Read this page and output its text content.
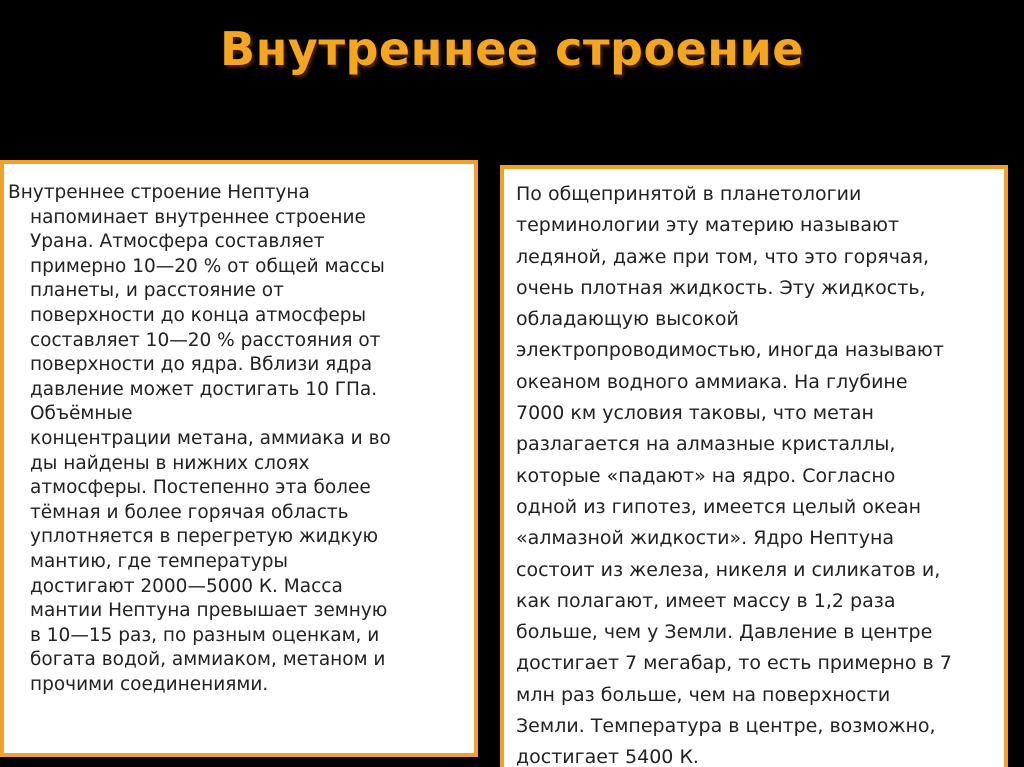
Внутреннее строение
Внутреннее строение Нептуна
напоминает внутреннее строение
Урана. Атмосфера составляет
примерно 10—20 % от общей массы
планеты, и расстояние от
поверхности до конца атмосферы
составляет 10—20 % расстояния от
поверхности до ядра. Вблизи ядра
давление может достигать 10 ГПа.
Объёмные
концентрации метана, аммиака и во
ды найдены в нижних слоях
атмосферы. Постепенно эта более
тёмная и более горячая область
уплотняется в перегретую жидкую
мантию, где температуры
достигают 2000—5000 К. Масса
мантии Нептуна превышает земную
в 10—15 раз, по разным оценкам, и
богата водой, аммиаком, метаном и
прочими соединениями.
По общепринятой в планетологии
терминологии эту материю называют
ледяной, даже при том, что это горячая,
очень плотная жидкость. Эту жидкость,
обладающую высокой
электропроводимостью, иногда называют
океаном водного аммиака. На глубине
7000 км условия таковы, что метан
разлагается на алмазные кристаллы,
которые «падают» на ядро. Согласно
одной из гипотез, имеется целый океан
«алмазной жидкости». Ядро Нептуна
состоит из железа, никеля и силикатов и,
как полагают, имеет массу в 1,2 раза
больше, чем у Земли. Давление в центре
достигает 7 мегабар, то есть примерно в 7
млн раз больше, чем на поверхности
Земли. Температура в центре, возможно,
достигает 5400 К.
